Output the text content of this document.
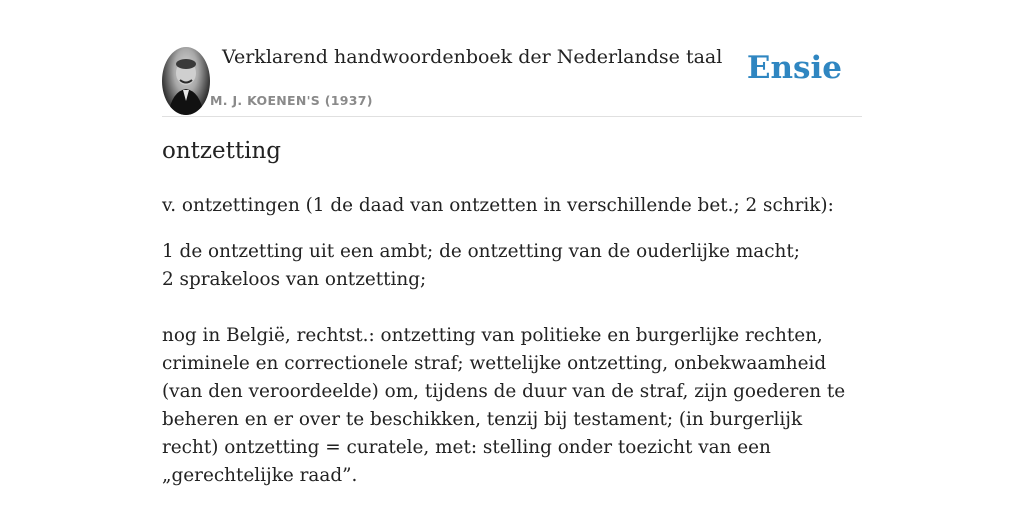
Verklarend handwoordenboek der Nederlandse taal
M. J. KOENEN'S (1937)
Ensie
ontzetting

v. ontzettingen (1 de daad van ontzetten in verschillende bet.; 2 schrik):

1 de ontzetting uit een ambt; de ontzetting van de ouderlijke macht;
2 sprakeloos van ontzetting;

nog in België, rechtst.: ontzetting van politieke en burgerlijke rechten, criminele en correctionele straf; wettelijke ontzetting, onbekwaamheid (van den veroordeelde) om, tijdens de duur van de straf, zijn goederen te beheren en er over te beschikken, tenzij bij testament; (in burgerlijk recht) ontzetting = curatele, met: stelling onder toezicht van een „gerechtelijke raad”.
